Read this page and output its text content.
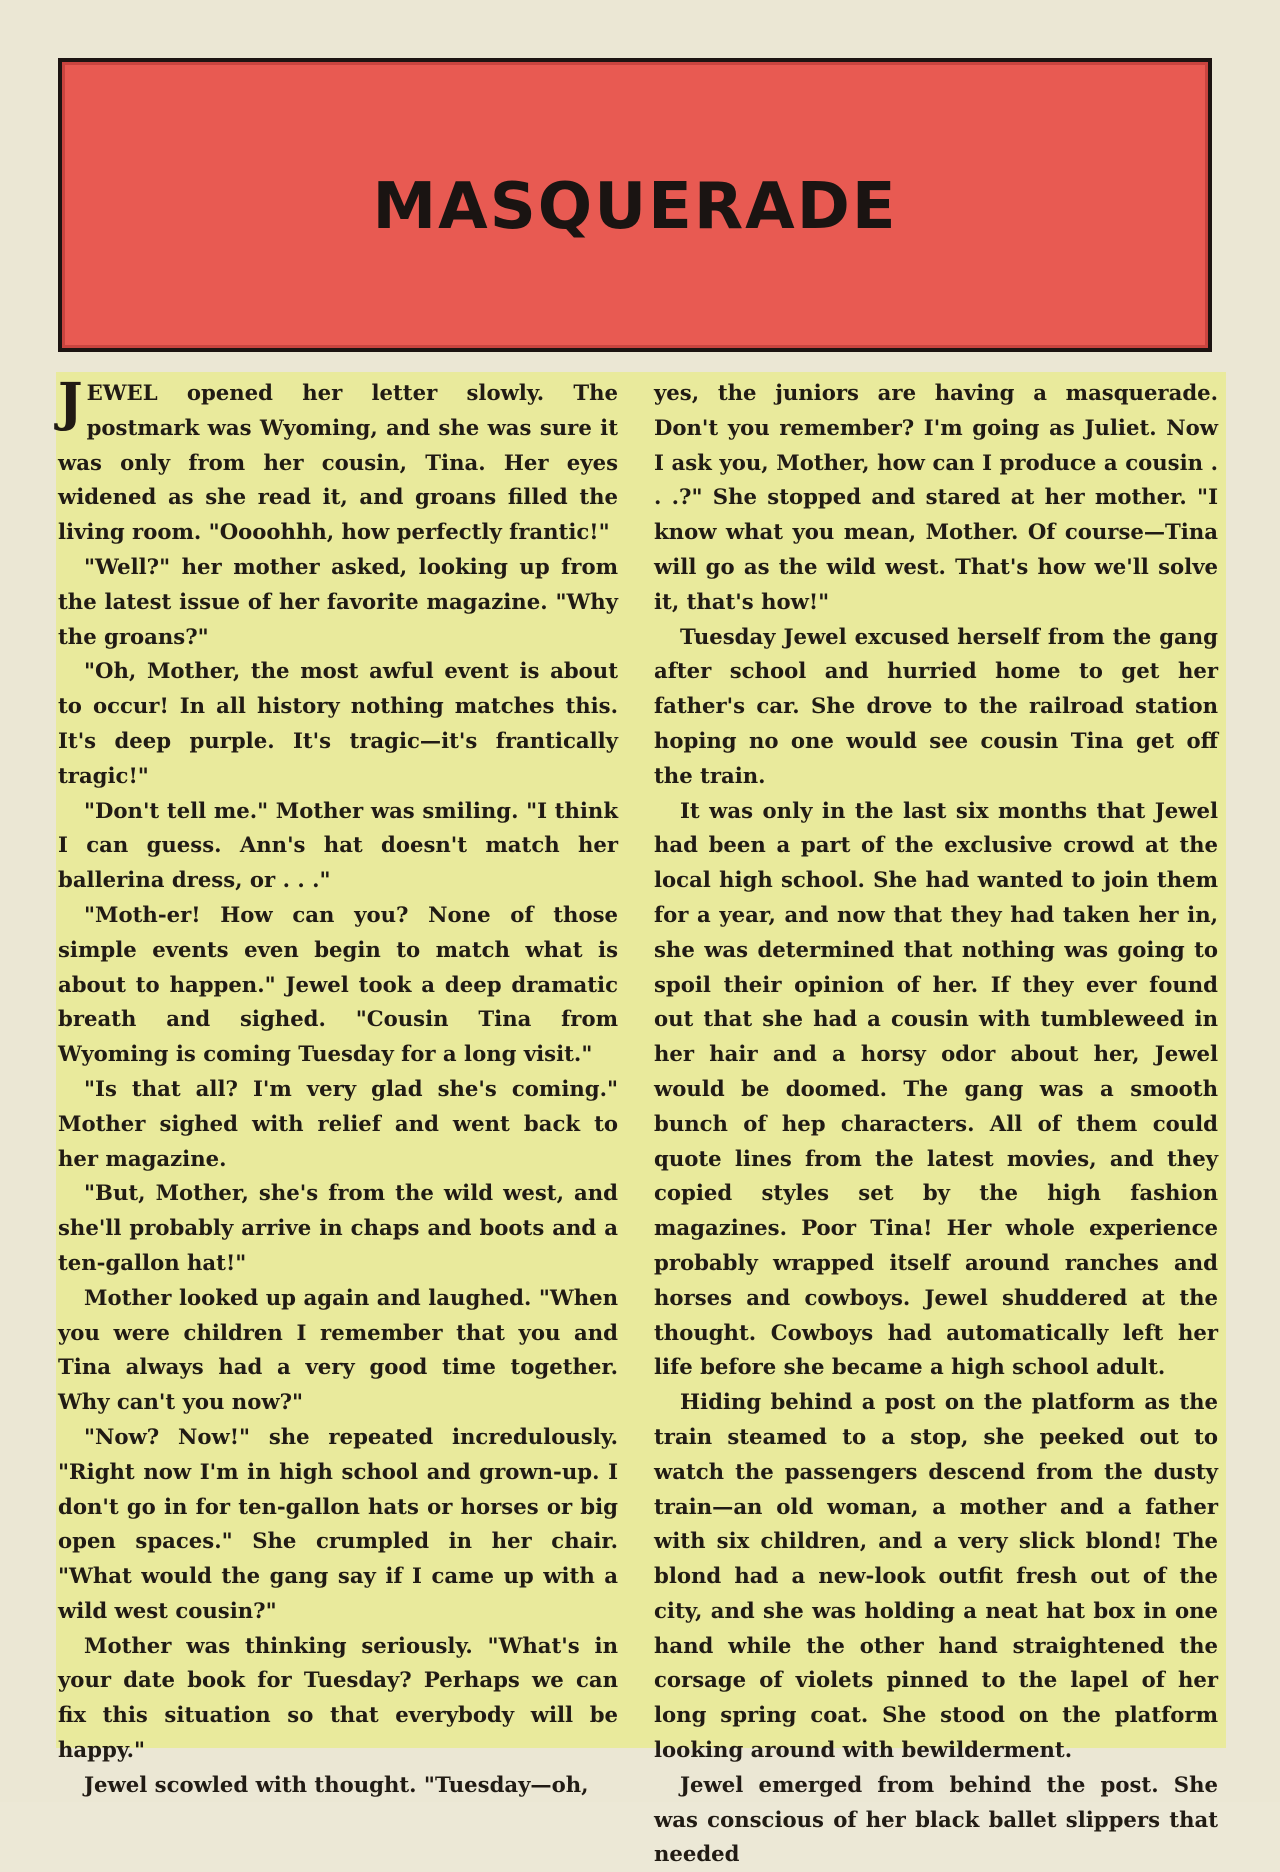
MASQUERADE

JEWEL opened her letter slowly. The postmark was Wyoming, and she was sure it was only from her cousin, Tina. Her eyes widened as she read it, and groans filled the living room. "Oooohhh, how perfectly frantic!"

"Well?" her mother asked, looking up from the latest issue of her favorite magazine. "Why the groans?"

"Oh, Mother, the most awful event is about to occur! In all history nothing matches this. It's deep purple. It's tragic—it's frantically tragic!"

"Don't tell me." Mother was smiling. "I think I can guess. Ann's hat doesn't match her ballerina dress, or . . ."

"Moth-er! How can you? None of those simple events even begin to match what is about to happen." Jewel took a deep dramatic breath and sighed. "Cousin Tina from Wyoming is coming Tuesday for a long visit."

"Is that all? I'm very glad she's coming." Mother sighed with relief and went back to her magazine.

"But, Mother, she's from the wild west, and she'll probably arrive in chaps and boots and a ten-gallon hat!"

Mother looked up again and laughed. "When you were children I remember that you and Tina always had a very good time together. Why can't you now?"

"Now? Now!" she repeated incredulously. "Right now I'm in high school and grown-up. I don't go in for ten-gallon hats or horses or big open spaces." She crumpled in her chair. "What would the gang say if I came up with a wild west cousin?"

Mother was thinking seriously. "What's in your date book for Tuesday? Perhaps we can fix this situation so that everybody will be happy."

Jewel scowled with thought. "Tuesday—oh,

yes, the juniors are having a masquerade. Don't you remember? I'm going as Juliet. Now I ask you, Mother, how can I produce a cousin . . .?" She stopped and stared at her mother. "I know what you mean, Mother. Of course—Tina will go as the wild west. That's how we'll solve it, that's how!"

Tuesday Jewel excused herself from the gang after school and hurried home to get her father's car. She drove to the railroad station hoping no one would see cousin Tina get off the train.

It was only in the last six months that Jewel had been a part of the exclusive crowd at the local high school. She had wanted to join them for a year, and now that they had taken her in, she was determined that nothing was going to spoil their opinion of her. If they ever found out that she had a cousin with tumbleweed in her hair and a horsy odor about her, Jewel would be doomed. The gang was a smooth bunch of hep characters. All of them could quote lines from the latest movies, and they copied styles set by the high fashion magazines. Poor Tina! Her whole experience probably wrapped itself around ranches and horses and cowboys. Jewel shuddered at the thought. Cowboys had automatically left her life before she became a high school adult.

Hiding behind a post on the platform as the train steamed to a stop, she peeked out to watch the passengers descend from the dusty train—an old woman, a mother and a father with six children, and a very slick blond! The blond had a new-look outfit fresh out of the city, and she was holding a neat hat box in one hand while the other hand straightened the corsage of violets pinned to the lapel of her long spring coat. She stood on the platform looking around with bewilderment.

Jewel emerged from behind the post. She was conscious of her black ballet slippers that needed
